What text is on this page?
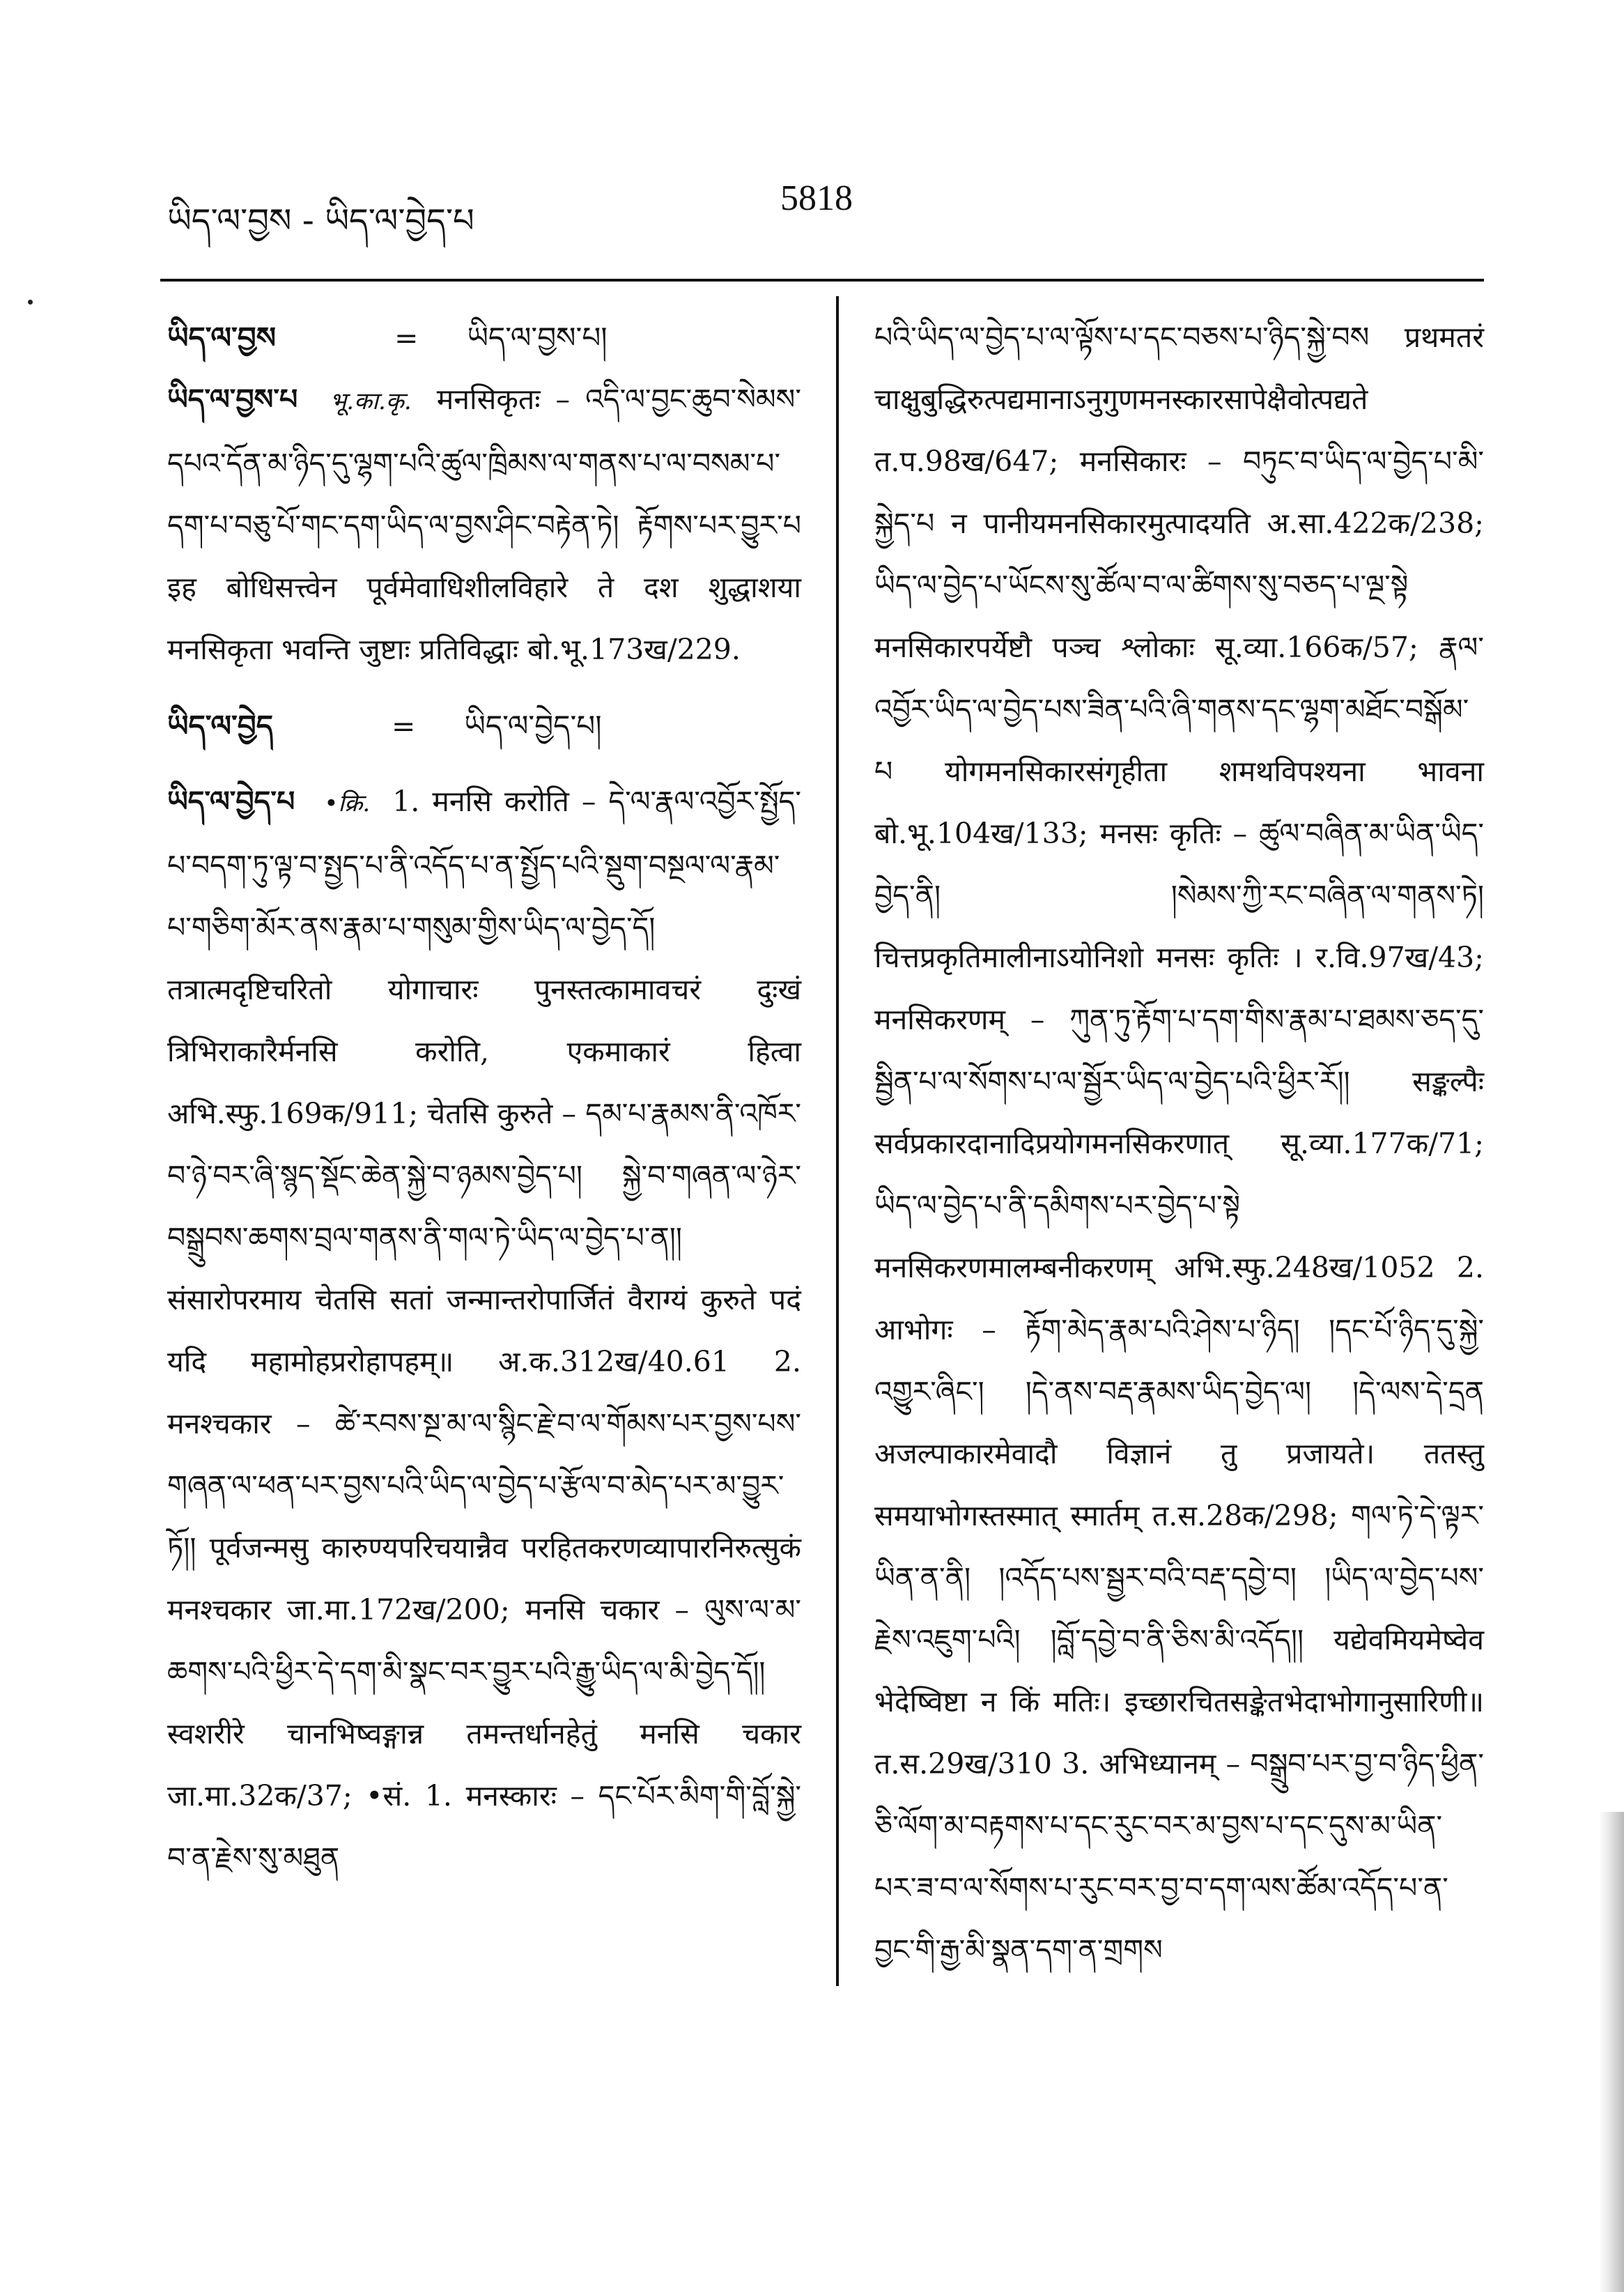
ཡིད་ལ་བྱས - ཡིད་ལ་བྱེད་པ
5818
ཡིད་ལ་བྱས	= ཡིད་ལ་བྱས་པ།

ཡིད་ལ་བྱས་པ भू.का.कृ. मनसिकृतः – འདི་ལ་བྱང་ཆུབ་སེམས་དཔའ་དོན་མ་ཉིད་དུ་ལྷག་པའི་ཚུལ་ཁྲིམས་ལ་གནས་པ་ལ་བསམ་པ་དག་པ་བཅུ་པོ་གང་དག་ཡིད་ལ་བྱས་ཤིང་བརྟེན་ཏེ། རྟོགས་པར་བྱུར་པ इह बोधिसत्त्वेन पूर्वमेवाधिशीलविहारे ते दश शुद्धाशया मनसिकृता भवन्ति जुष्टाः प्रतिविद्धाः बो.भू.173ख/229.

ཡིད་ལ་བྱེད	= ཡིད་ལ་བྱེད་པ།

ཡིད་ལ་བྱེད་པ •क्रि. 1. मनसि करोति – དེ་ལ་རྣལ་འབྱོར་སྤྱོད་པ་བདག་ཏུ་ལྟ་བ་སྤྱད་པ་ནི་འདོད་པ་ན་སྤྱོད་པའི་སྡུག་བསྔལ་ལ་རྣམ་པ་གཅིག་མོར་ནས་རྣམ་པ་གསུམ་གྱིས་ཡིད་ལ་བྱེད་དོ། तत्रात्मदृष्टिचरितो योगाचारः पुनस्तत्कामावचरं दुःखं त्रिभिराकारैर्मनसि करोति, एकमाकारं हित्वा अभि.स्फु.169क/911; चेतसि कुरुते – དམ་པ་རྣམས་ནི་འཁོར་བ་ཉེ་བར་ཞི་སྙད་སྡོང་ཆེན་སྐྱེ་བ་ཉམས་བྱེད་པ། སྐྱེ་བ་གཞན་ལ་ཉེར་བསྒྲུབས་ཆགས་བྲལ་གནས་ནི་གལ་ཏེ་ཡིད་ལ་བྱེད་པ་ན།། संसारोपरमाय चेतसि सतां जन्मान्तरोपार्जितं वैराग्यं कुरुते पदं यदि महामोहप्ररोहापहम्॥ अ.क.312ख/40.61 2. मनश्चकार – ཚེ་རབས་སྔ་མ་ལ་སྙིང་རྗེ་བ་ལ་གོམས་པར་བྱས་པས་གཞན་ལ་ཕན་པར་བྱས་པའི་ཡིད་ལ་བྱེད་པ་རྩོལ་བ་མེད་པར་མ་བྱུར་ཏོ།། पूर्वजन्मसु कारुण्यपरिचयान्नैव परहितकरणव्यापारनिरुत्सुकं मनश्चकार जा.मा.172ख/200; मनसि चकार – ལུས་ལ་མ་ཆགས་པའི་ཕྱིར་དེ་དག་མི་སྣང་བར་བྱུར་པའི་རྒྱུ་ཡིད་ལ་མི་བྱེད་དོ།། स्वशरीरे चानभिष्वङ्गान्न तमन्तर्धानहेतुं मनसि चकार जा.मा.32क/37; •सं. 1. मनस्कारः – དང་པོར་མིག་གི་བློ་སྐྱེ་བ་ན་རྗེས་སུ་མཐུན

པའི་ཡིད་ལ་བྱེད་པ་ལ་ལྟོས་པ་དང་བཅས་པ་ཉིད་སྐྱེ་བས प्रथमतरं चाक्षुबुद्धिरुत्पद्यमानाऽनुगुणमनस्कारसापेक्षैवोत्पद्यते त.प.98ख/647; मनसिकारः – བཏུང་བ་ཡིད་ལ་བྱེད་པ་མི་སྐྱེད་པ न पानीयमनसिकारमुत्पादयति अ.सा.422क/238; ཡིད་ལ་བྱེད་པ་ཡོངས་སུ་ཚོལ་བ་ལ་ཚིགས་སུ་བཅད་པ་ལྔ་སྟེ मनसिकारपर्येष्टौ पञ्च श्लोकाः सू.व्या.166क/57; རྣལ་འབྱོར་ཡིད་ལ་བྱེད་པས་ཟིན་པའི་ཞི་གནས་དང་ལྷག་མཐོང་བསྒོམ་པ योगमनसिकारसंगृहीता शमथविपश्यना भावना बो.भू.104ख/133; मनसः कृतिः – ཚུལ་བཞིན་མ་ཡིན་ཡིད་བྱེད་ནི། །སེམས་ཀྱི་རང་བཞིན་ལ་གནས་ཏེ། चित्तप्रकृतिमालीनाऽयोनिशो मनसः कृतिः । र.वि.97ख/43; मनसिकरणम् – ཀུན་ཏུ་རྟོག་པ་དག་གིས་རྣམ་པ་ཐམས་ཅད་དུ་སྦྱིན་པ་ལ་སོགས་པ་ལ་སྦྱོར་ཡིད་ལ་བྱེད་པའི་ཕྱིར་རོ།། सङ्कल्पैः सर्वप्रकारदानादिप्रयोगमनसिकरणात् सू.व्या.177क/71; ཡིད་ལ་བྱེད་པ་ནི་དམིགས་པར་བྱེད་པ་སྟེ मनसिकरणमालम्बनीकरणम् अभि.स्फु.248ख/1052 2. आभोगः – རྟོག་མེད་རྣམ་པའི་ཤེས་པ་ཉིད། །དང་པོ་ཉིད་དུ་སྐྱེ་འགྱུར་ཞིང་། །དེ་ནས་བརྡ་རྣམས་ཡིད་བྱེད་ལ། །དེ་ལས་དེ་དྲན अजल्पाकारमेवादौ विज्ञानं तु प्रजायते। ततस्तु समयाभोगस्तस्मात् स्मार्तम् त.स.28क/298; གལ་ཏེ་དེ་ལྟར་ཡིན་ན་ནི། །འདོད་པས་སྦྱར་བའི་བརྡ་དབྱེ་བ། །ཡིད་ལ་བྱེད་པས་རྗེས་འཇུག་པའི། །བློ་དབྱེ་བ་ནི་ཅིས་མི་འདོད།། यद्येवमियमेष्वेव भेदेष्विष्टा न किं मतिः। इच्छारचितसङ्केतभेदाभोगानुसारिणी॥ त.स.29ख/310 3. अभिध्यानम् – བསྒྲུབ་པར་བྱ་བ་ཉིད་ཕྱིན་ཅི་ལོག་མ་བརྟགས་པ་དང་རུང་བར་མ་བྱས་པ་དང་དུས་མ་ཡིན་པར་ཟ་བ་ལ་སོགས་པ་རུང་བར་བྱ་བ་དག་ལས་ཚོམ་འདོད་པ་ན་བྱང་གི་རྒྱ་མི་སྣན་དག་ན་གྲགས
